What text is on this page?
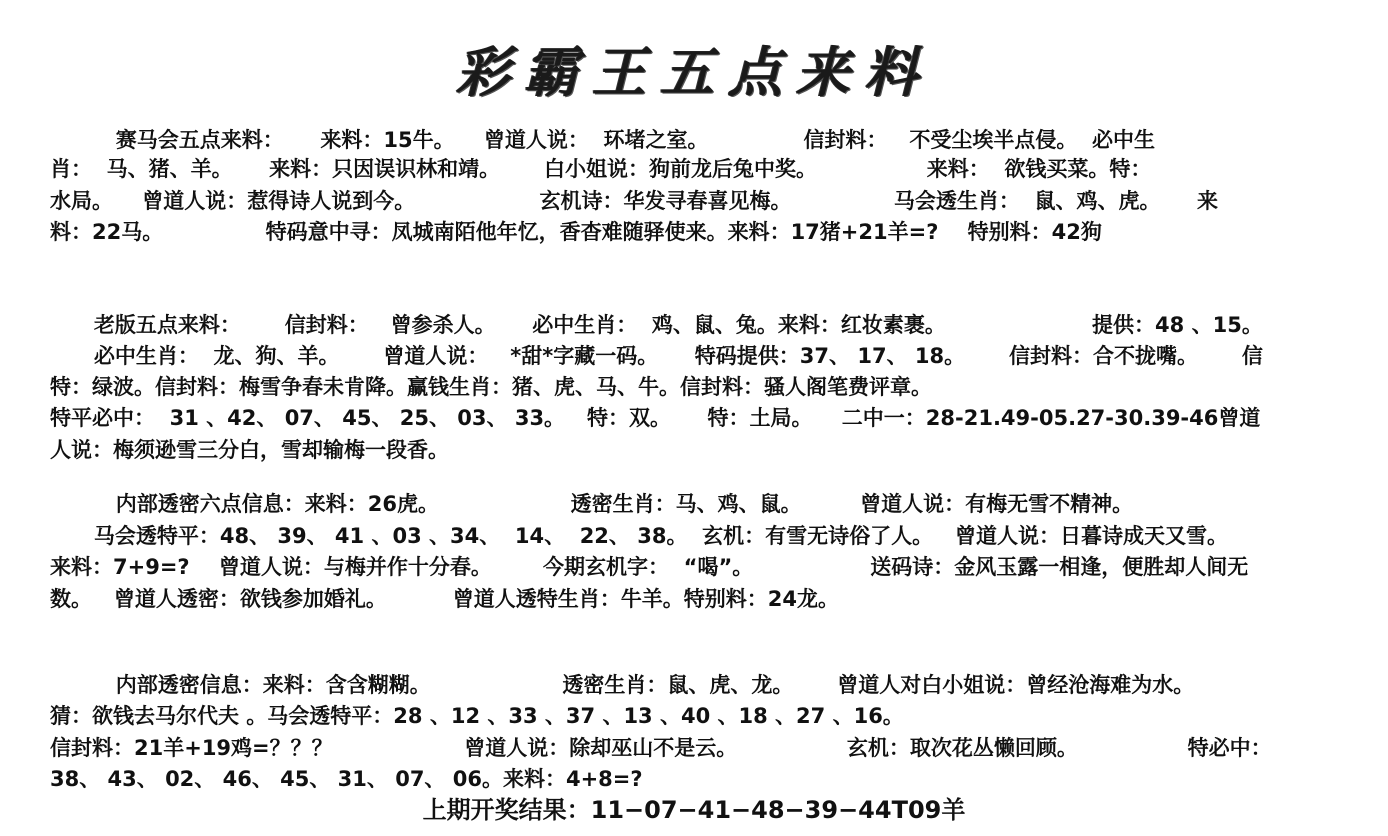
彩霸王五点来料
赛马会五点来料：     来料：15牛。    曾道人说：  环堵之室。             信封料：   不受尘埃半点侵。  必中生
肖：  马、猪、羊。     来料：只因误识林和靖。      白小姐说：狗前龙后兔中奖。               来料：  欲钱买菜。特：
水局。    曾道人说：惹得诗人说到今。                 玄机诗：华发寻春喜见梅。              马会透生肖：  鼠、鸡、虎。     来
料：22马。              特码意中寻：凤城南陌他年忆，香杳难随驿使来。来料：17猪+21羊=?    特别料：42狗
老版五点来料：      信封料：   曾参杀人。     必中生肖：  鸡、鼠、兔。来料：红妆素裹。                    提供：48 、15。
必中生肖：  龙、狗、羊。      曾道人说：   *甜*字藏一码。     特码提供：37、 17、 18。      信封料：合不拢嘴。      信
特：绿波。信封料：梅雪争春未肯降。赢钱生肖：猪、虎、马、牛。信封料：骚人阁笔费评章。
特平必中：  31 、42、 07、 45、 25、 03、 33。   特：双。     特：土局。    二中一：28-21.49-05.27-30.39-46曾道
人说：梅须逊雪三分白，雪却输梅一段香。
内部透密六点信息：来料：26虎。                  透密生肖：马、鸡、鼠。        曾道人说：有梅无雪不精神。
马会透特平：48、 39、 41 、03 、34、  14、  22、 38。  玄机：有雪无诗俗了人。   曾道人说：日暮诗成天又雪。
来料：7+9=?    曾道人说：与梅并作十分春。       今期玄机字：  “喝”。                送码诗：金风玉露一相逢，便胜却人间无
数。   曾道人透密：欲钱参加婚礼。         曾道人透特生肖：牛羊。特别料：24龙。
内部透密信息：来料：含含糊糊。                  透密生肖：鼠、虎、龙。      曾道人对白小姐说：曾经沧海难为水。
猜：欲钱去马尔代夫 。马会透特平：28 、12 、33 、37 、13 、40 、18 、27 、16。
信封料：21羊+19鸡=？？？                  曾道人说：除却巫山不是云。               玄机：取次花丛懒回顾。               特必中：
38、 43、 02、 46、 45、 31、 07、 06。来料：4+8=?
上期开奖结果：11−07−41−48−39−44T09羊
